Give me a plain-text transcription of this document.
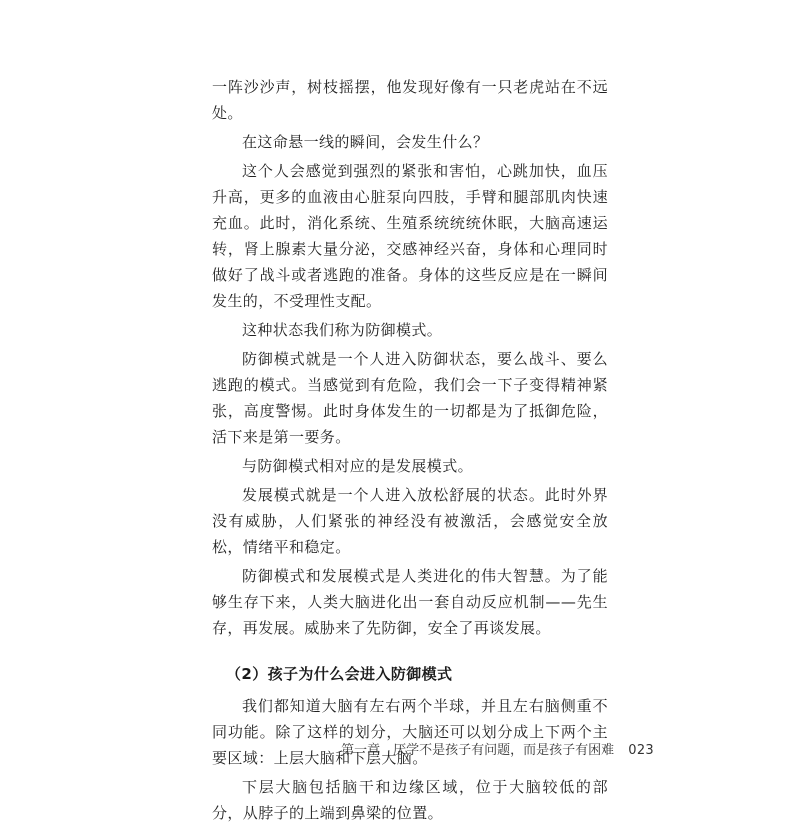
一阵沙沙声，树枝摇摆，他发现好像有一只老虎站在不远处。

在这命悬一线的瞬间，会发生什么？

这个人会感觉到强烈的紧张和害怕，心跳加快，血压升高，更多的血液由心脏泵向四肢，手臂和腿部肌肉快速充血。此时，消化系统、生殖系统统统休眠，大脑高速运转，肾上腺素大量分泌，交感神经兴奋，身体和心理同时做好了战斗或者逃跑的准备。身体的这些反应是在一瞬间发生的，不受理性支配。

这种状态我们称为防御模式。

防御模式就是一个人进入防御状态，要么战斗、要么逃跑的模式。当感觉到有危险，我们会一下子变得精神紧张，高度警惕。此时身体发生的一切都是为了抵御危险，活下来是第一要务。

与防御模式相对应的是发展模式。

发展模式就是一个人进入放松舒展的状态。此时外界没有威胁，人们紧张的神经没有被激活，会感觉安全放松，情绪平和稳定。

防御模式和发展模式是人类进化的伟大智慧。为了能够生存下来，人类大脑进化出一套自动反应机制——先生存，再发展。威胁来了先防御，安全了再谈发展。

（2）孩子为什么会进入防御模式

我们都知道大脑有左右两个半球，并且左右脑侧重不同功能。除了这样的划分，大脑还可以划分成上下两个主要区域：上层大脑和下层大脑。

下层大脑包括脑干和边缘区域，位于大脑较低的部分，从脖子的上端到鼻梁的位置。

第一章　厌学不是孩子有问题，而是孩子有困难 023
